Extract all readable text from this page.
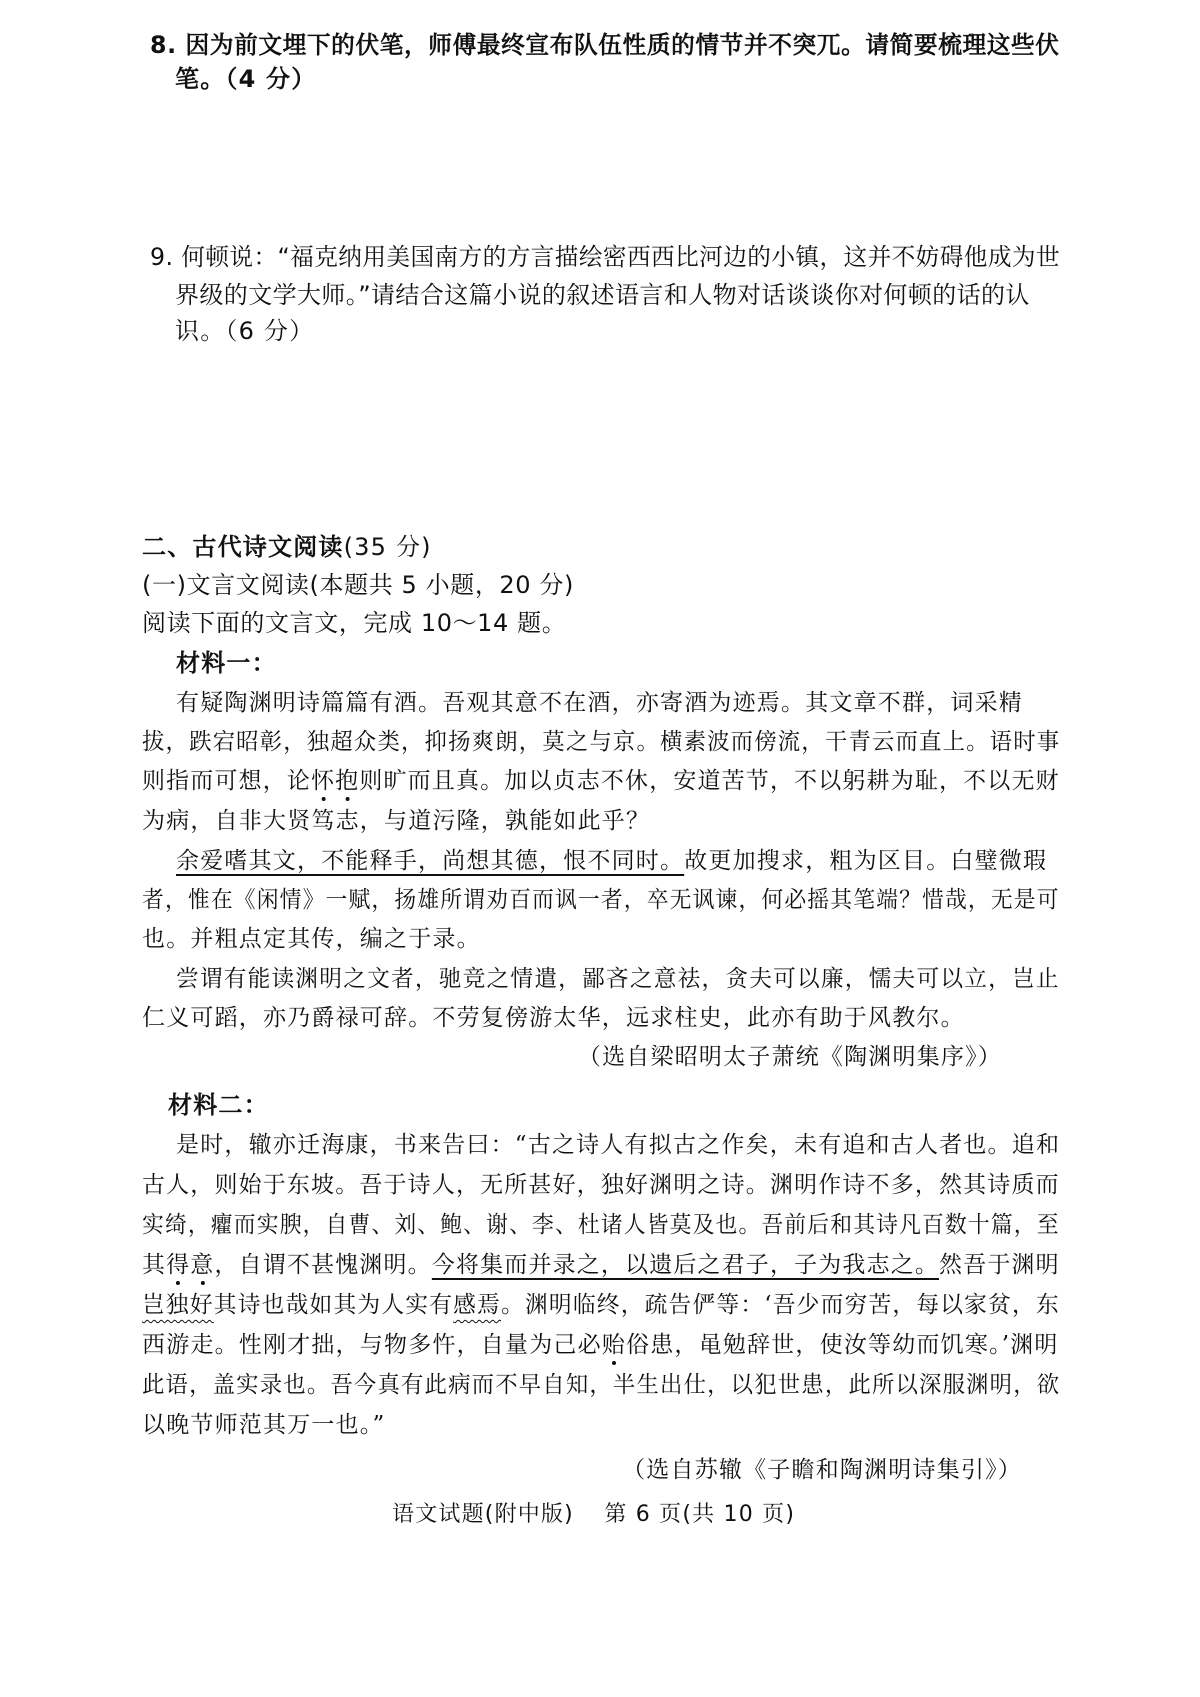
8. 因为前文埋下的伏笔，师傅最终宣布队伍性质的情节并不突兀。请简要梳理这些伏
笔。（4 分）
9. 何顿说：“福克纳用美国南方的方言描绘密西西比河边的小镇，这并不妨碍他成为世
界级的文学大师。”请结合这篇小说的叙述语言和人物对话谈谈你对何顿的话的认
识。（6 分）
二、古代诗文阅读(35 分)
(一)文言文阅读(本题共 5 小题，20 分)
阅读下面的文言文，完成 10～14 题。
材料一：
有疑陶渊明诗篇篇有酒。吾观其意不在酒，亦寄酒为迹焉。其文章不群，词采精
拔，跌宕昭彰，独超众类，抑扬爽朗，莫之与京。横素波而傍流，干青云而直上。语时事
则指而可想，论怀抱则旷而且真。加以贞志不休，安道苦节，不以躬耕为耻，不以无财
为病，自非大贤笃志，与道污隆，孰能如此乎？
余爱嗜其文，不能释手，尚想其德，恨不同时。故更加搜求，粗为区目。白璧微瑕
者，惟在《闲情》一赋，扬雄所谓劝百而讽一者，卒无讽谏，何必摇其笔端？惜哉，无是可
也。并粗点定其传，编之于录。
尝谓有能读渊明之文者，驰竞之情遣，鄙吝之意祛，贪夫可以廉，懦夫可以立，岂止
仁义可蹈，亦乃爵禄可辞。不劳复傍游太华，远求柱史，此亦有助于风教尔。
（选自梁昭明太子萧统《陶渊明集序》）
材料二：
是时，辙亦迁海康，书来告曰：“古之诗人有拟古之作矣，未有追和古人者也。追和
古人，则始于东坡。吾于诗人，无所甚好，独好渊明之诗。渊明作诗不多，然其诗质而
实绮，癯而实腴，自曹、刘、鲍、谢、李、杜诸人皆莫及也。吾前后和其诗凡百数十篇，至
其得意，自谓不甚愧渊明。今将集而并录之，以遗后之君子，子为我志之。然吾于渊明
岂独好其诗也哉如其为人实有感焉。渊明临终，疏告俨等：‘吾少而穷苦，每以家贫，东
西游走。性刚才拙，与物多忤，自量为己必贻俗患，黾勉辞世，使汝等幼而饥寒。’渊明
此语，盖实录也。吾今真有此病而不早自知，半生出仕，以犯世患，此所以深服渊明，欲
以晚节师范其万一也。”
（选自苏辙《子瞻和陶渊明诗集引》）
语文试题(附中版) 第 6 页(共 10 页)
